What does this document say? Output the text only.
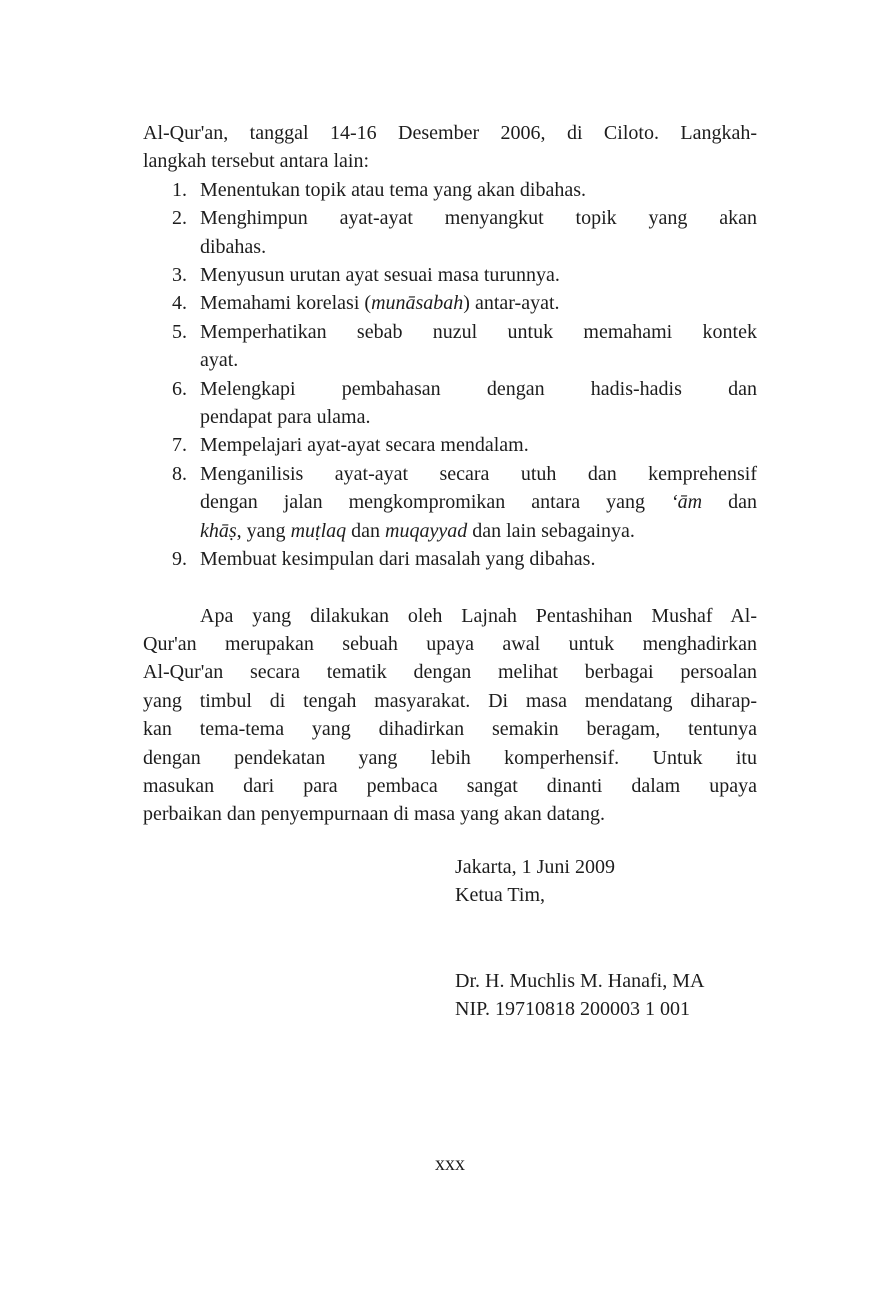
Al-Qur'an, tanggal 14-16 Desember 2006, di Ciloto. Langkah-
langkah tersebut antara lain:
1. Menentukan topik atau tema yang akan dibahas.
2. Menghimpun ayat-ayat menyangkut topik yang akan
dibahas.
3. Menyusun urutan ayat sesuai masa turunnya.
4. Memahami korelasi (munāsabah) antar-ayat.
5. Memperhatikan sebab nuzul untuk memahami kontek
ayat.
6. Melengkapi pembahasan dengan hadis-hadis dan
pendapat para ulama.
7. Mempelajari ayat-ayat secara mendalam.
8. Menganilisis ayat-ayat secara utuh dan kemprehensif
dengan jalan mengkompromikan antara yang ‘ām dan
khāṣ, yang muṭlaq dan muqayyad dan lain sebagainya.
9. Membuat kesimpulan dari masalah yang dibahas.
Apa yang dilakukan oleh Lajnah Pentashihan Mushaf Al-
Qur'an merupakan sebuah upaya awal untuk menghadirkan
Al-Qur'an secara tematik dengan melihat berbagai persoalan
yang timbul di tengah masyarakat. Di masa mendatang diharap-
kan tema-tema yang dihadirkan semakin beragam, tentunya
dengan pendekatan yang lebih komperhensif. Untuk itu
masukan dari para pembaca sangat dinanti dalam upaya
perbaikan dan penyempurnaan di masa yang akan datang.
Jakarta, 1 Juni 2009
Ketua Tim,
Dr. H. Muchlis M. Hanafi, MA
NIP. 19710818 200003 1 001
xxx
